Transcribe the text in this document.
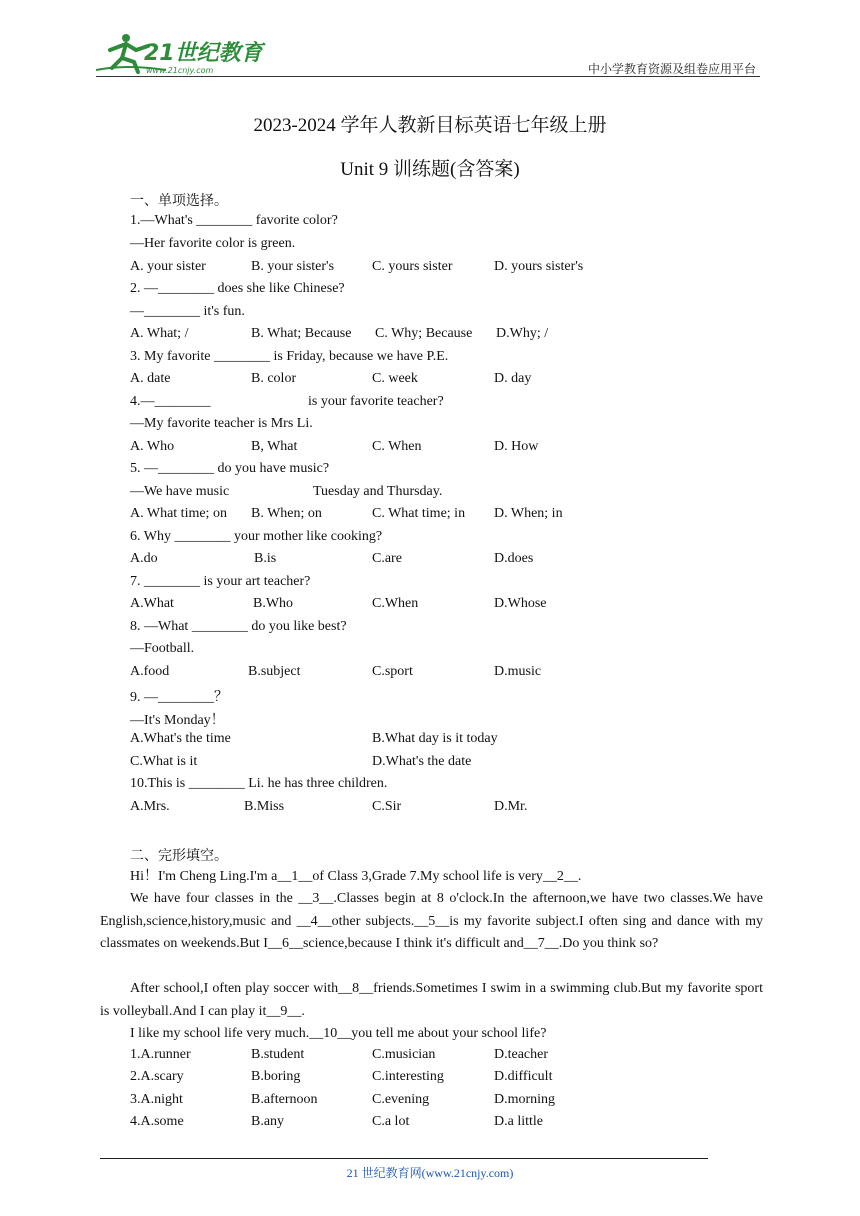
21世纪教育
www.21cnjy.com	中小学教育资源及组卷应用平台
2023-2024 学年人教新目标英语七年级上册
Unit 9 训练题(含答案)
一、单项选择。
1.—What's ________ favorite color?
—Her favorite color is green.
A. your sister	B. your sister's	C. yours sister	D. yours sister's
2. —________ does she like Chinese?
—________ it's fun.
A. What; /	B. What; Because C. Why; Because D.Why; /
3. My favorite ________ is Friday, because we have P.E.
A. date	B. color	C. week	D. day
4.—________	is your favorite teacher?
—My favorite teacher is Mrs Li.
A. Who	B, What	C. When	D. How
5. —________ do you have music?
—We have music	Tuesday and Thursday.
A. What time; on B. When; on	C. What time; in D. When; in
6. Why ________ your mother like cooking?
A.do	B.is	C.are	D.does
7. ________ is your art teacher?
A.What	B.Who	C.When	D.Whose
8. —What ________ do you like best?
—Football.
A.food	B.subject	C.sport	D.music
9. —________？
—It's Monday！
A.What's the time	B.What day is it today
C.What is it	D.What's the date
10.This is ________ Li. he has three children.
A.Mrs.	B.Miss	C.Sir	D.Mr.
二、完形填空。
Hi！I'm Cheng Ling.I'm a__1__of Class 3,Grade 7.My school life is very__2__.
We have four classes in the __3__.Classes begin at 8 o'clock.In the afternoon,we have two classes.We have English,science,history,music and __4__other subjects.__5__is my favorite subject.I often sing and dance with my classmates on weekends.But I__6__science,because I think it's difficult and__7__.Do you think so?
After school,I often play soccer with__8__friends.Sometimes I swim in a swimming club.But my favorite sport is volleyball.And I can play it__9__.
I like my school life very much.__10__you tell me about your school life?
1.A.runner	B.student	C.musician	D.teacher
2.A.scary	B.boring	C.interesting	D.difficult
3.A.night	B.afternoon	C.evening	D.morning
4.A.some	B.any	C.a lot	D.a little
21 世纪教育网(www.21cnjy.com)
